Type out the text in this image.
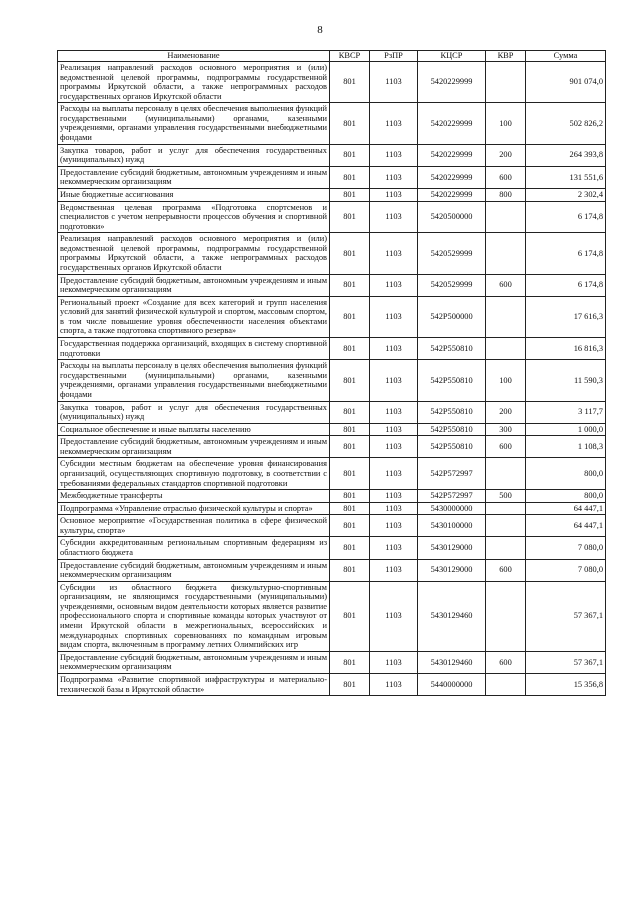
8
Наименование	КВСР	РзПР	КЦСР	КВР	Сумма
Реализация направлений расходов основного мероприятия и (или) ведомственной целевой программы, подпрограммы государственной программы Иркутской области, а также непрограммных расходов государственных органов Иркутской области	801	1103	5420229999		901 074,0
Расходы на выплаты персоналу в целях обеспечения выполнения функций государственными (муниципальными) органами, казенными учреждениями, органами управления государственными внебюджетными фондами	801	1103	5420229999	100	502 826,2
Закупка товаров, работ и услуг для обеспечения государственных (муниципальных) нужд	801	1103	5420229999	200	264 393,8
Предоставление субсидий бюджетным, автономным учреждениям и иным некоммерческим организациям	801	1103	5420229999	600	131 551,6
Иные бюджетные ассигнования	801	1103	5420229999	800	2 302,4
Ведомственная целевая программа «Подготовка спортсменов и специалистов с учетом непрерывности процессов обучения и спортивной подготовки»	801	1103	5420500000		6 174,8
Реализация направлений расходов основного мероприятия и (или) ведомственной целевой программы, подпрограммы государственной программы Иркутской области, а также непрограммных расходов государственных органов Иркутской области	801	1103	5420529999		6 174,8
Предоставление субсидий бюджетным, автономным учреждениям и иным некоммерческим организациям	801	1103	5420529999	600	6 174,8
Региональный проект «Создание для всех категорий и групп населения условий для занятий физической культурой и спортом, массовым спортом, в том числе повышение уровня обеспеченности населения объектами спорта, а также подготовка спортивного резерва»	801	1103	542P500000		17 616,3
Государственная поддержка организаций, входящих в систему спортивной подготовки	801	1103	542P550810		16 816,3
Расходы на выплаты персоналу в целях обеспечения выполнения функций государственными (муниципальными) органами, казенными учреждениями, органами управления государственными внебюджетными фондами	801	1103	542P550810	100	11 590,3
Закупка товаров, работ и услуг для обеспечения государственных (муниципальных) нужд	801	1103	542P550810	200	3 117,7
Социальное обеспечение и иные выплаты населению	801	1103	542P550810	300	1 000,0
Предоставление субсидий бюджетным, автономным учреждениям и иным некоммерческим организациям	801	1103	542P550810	600	1 108,3
Субсидии местным бюджетам на обеспечение уровня финансирования организаций, осуществляющих спортивную подготовку, в соответствии с требованиями федеральных стандартов спортивной подготовки	801	1103	542P572997		800,0
Межбюджетные трансферты	801	1103	542P572997	500	800,0
Подпрограмма «Управление отраслью физической культуры и спорта»	801	1103	5430000000		64 447,1
Основное мероприятие «Государственная политика в сфере физической культуры, спорта»	801	1103	5430100000		64 447,1
Субсидии аккредитованным региональным спортивным федерациям из областного бюджета	801	1103	5430129000		7 080,0
Предоставление субсидий бюджетным, автономным учреждениям и иным некоммерческим организациям	801	1103	5430129000	600	7 080,0
Субсидии из областного бюджета физкультурно-спортивным организациям, не являющимся государственными (муниципальными) учреждениями, основным видом деятельности которых является развитие профессионального спорта и спортивные команды которых участвуют от имени Иркутской области в межрегиональных, всероссийских и международных спортивных соревнованиях по командным игровым видам спорта, включенным в программу летних Олимпийских игр	801	1103	5430129460		57 367,1
Предоставление субсидий бюджетным, автономным учреждениям и иным некоммерческим организациям	801	1103	5430129460	600	57 367,1
Подпрограмма «Развитие спортивной инфраструктуры и материально- технической базы в Иркутской области»	801	1103	5440000000		15 356,8
